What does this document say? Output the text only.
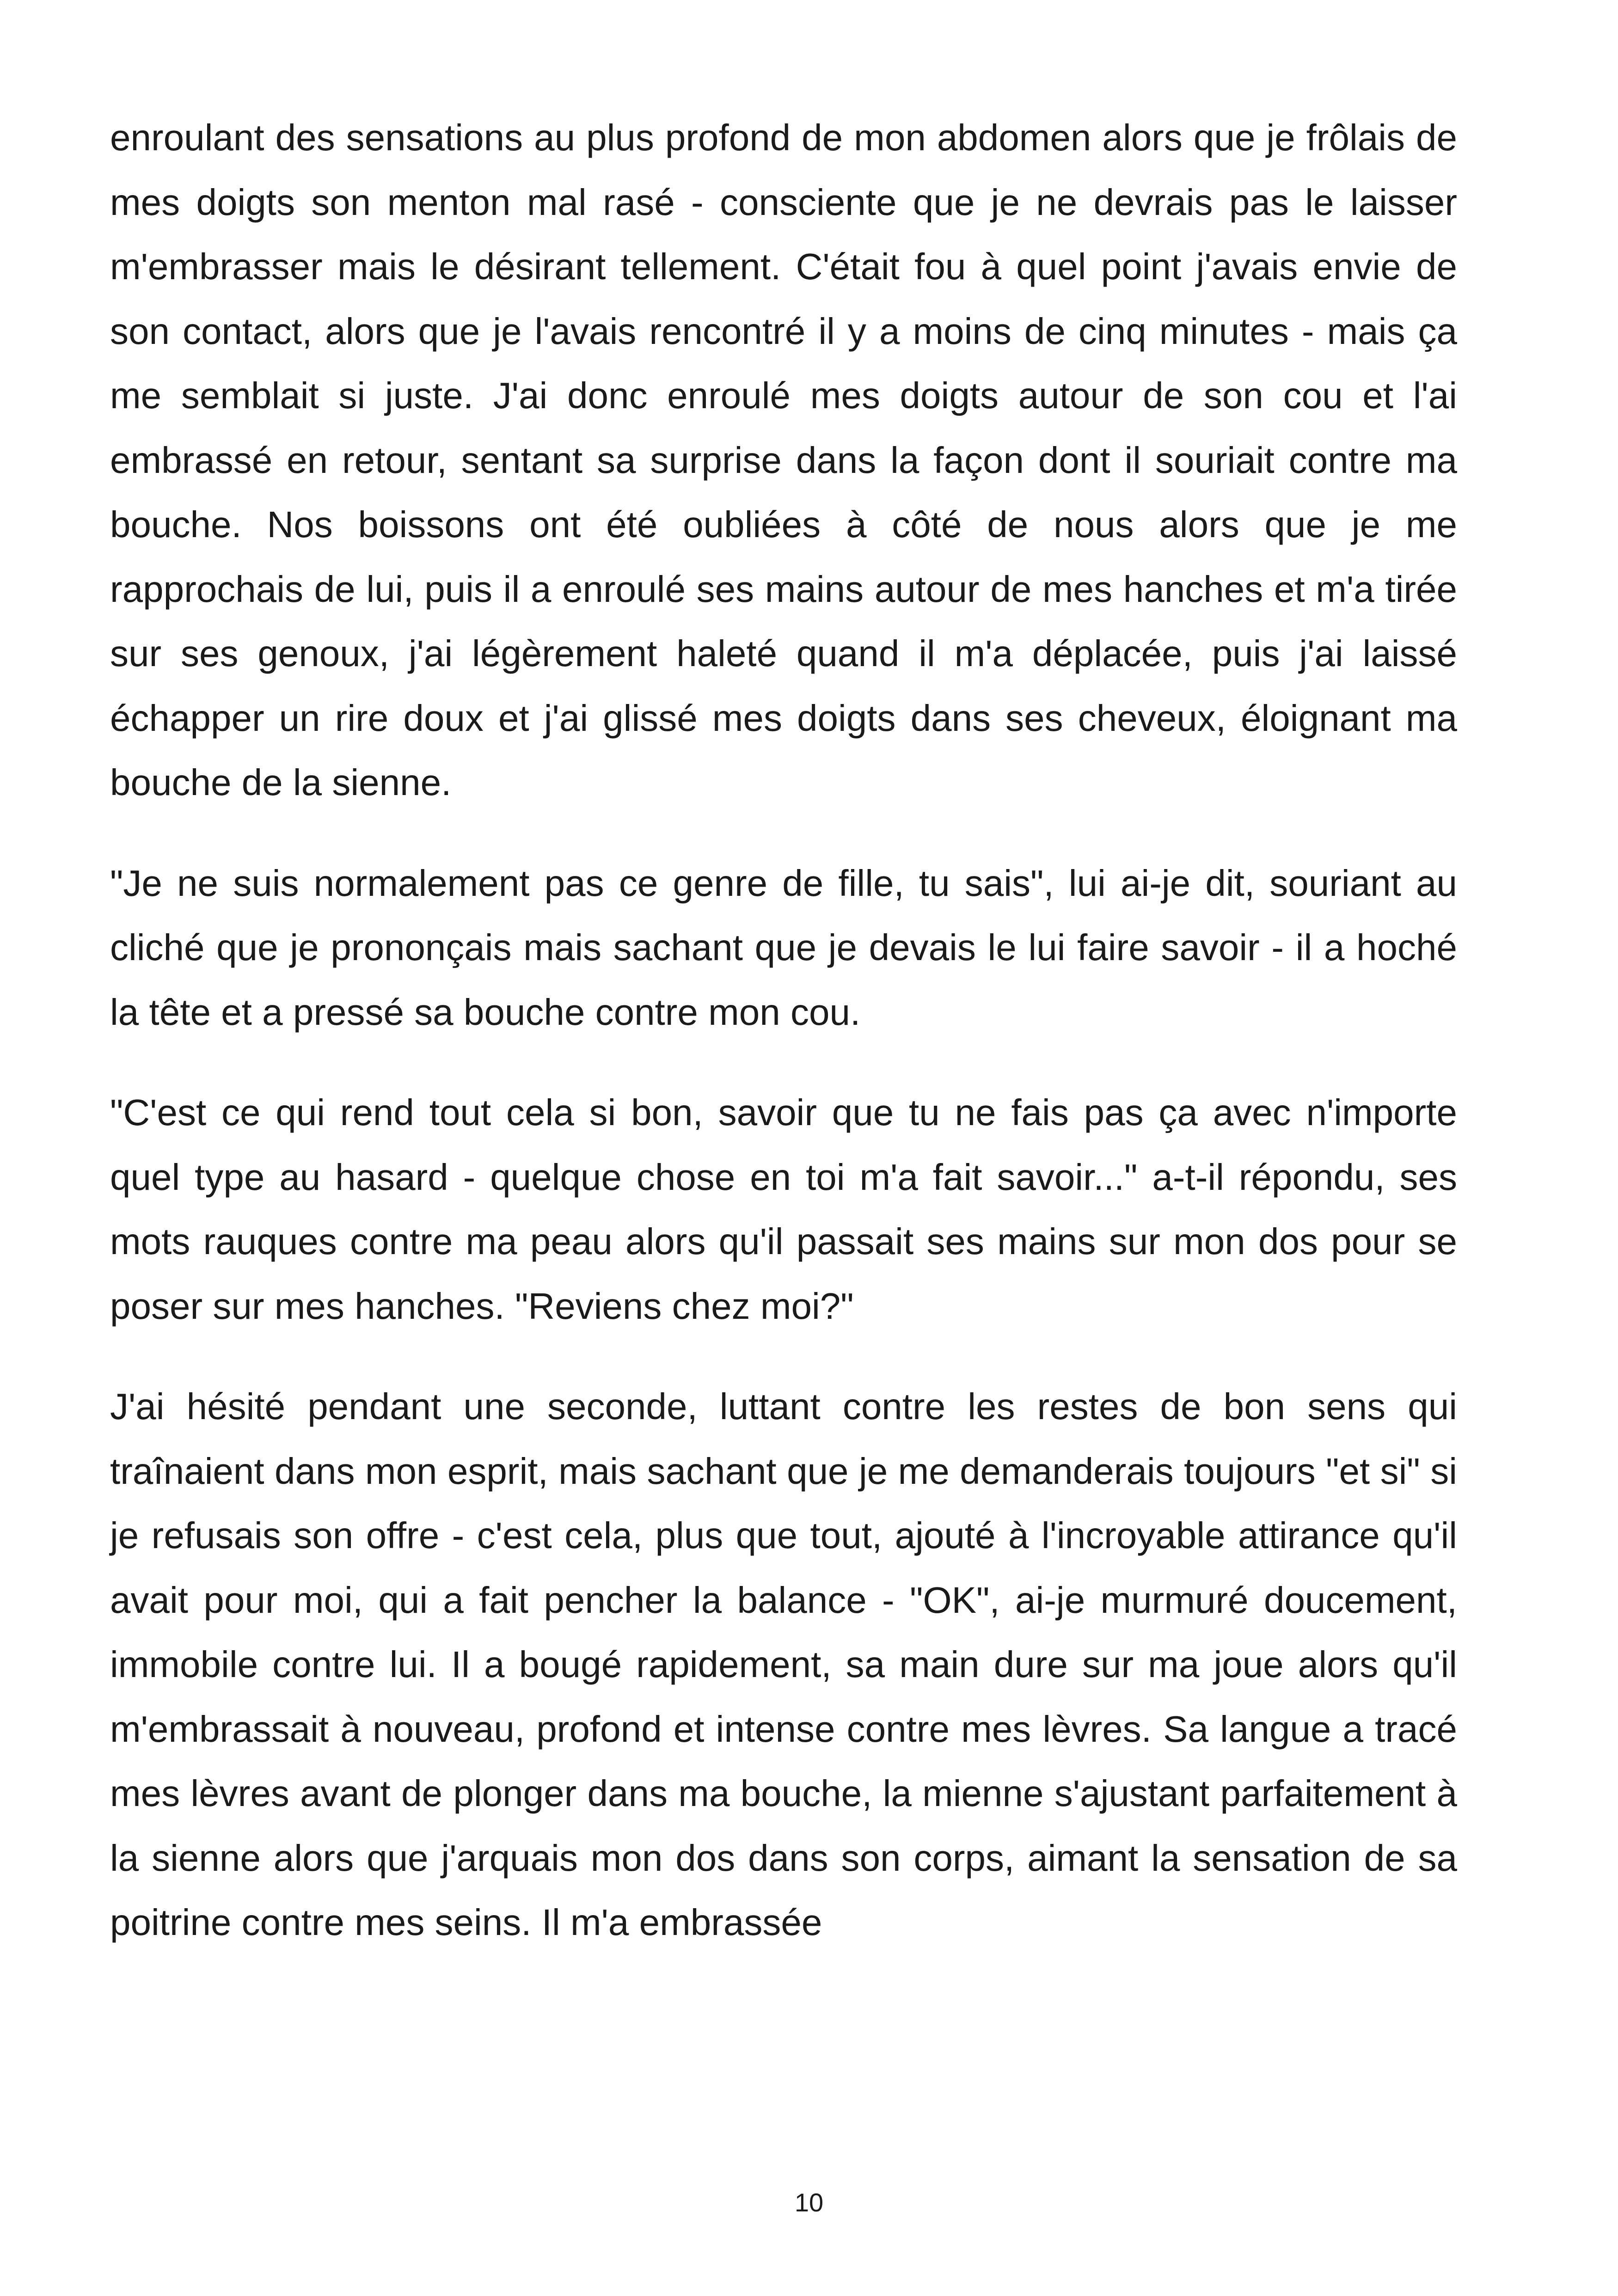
enroulant des sensations au plus profond de mon abdomen alors que je frôlais de mes doigts son menton mal rasé - consciente que je ne devrais pas le laisser m'embrasser mais le désirant tellement. C'était fou à quel point j'avais envie de son contact, alors que je l'avais rencontré il y a moins de cinq minutes - mais ça me semblait si juste. J'ai donc enroulé mes doigts autour de son cou et l'ai embrassé en retour, sentant sa surprise dans la façon dont il souriait contre ma bouche. Nos boissons ont été oubliées à côté de nous alors que je me rapprochais de lui, puis il a enroulé ses mains autour de mes hanches et m'a tirée sur ses genoux, j'ai légèrement haleté quand il m'a déplacée, puis j'ai laissé échapper un rire doux et j'ai glissé mes doigts dans ses cheveux, éloignant ma bouche de la sienne.

"Je ne suis normalement pas ce genre de fille, tu sais", lui ai-je dit, souriant au cliché que je prononçais mais sachant que je devais le lui faire savoir - il a hoché la tête et a pressé sa bouche contre mon cou.

"C'est ce qui rend tout cela si bon, savoir que tu ne fais pas ça avec n'importe quel type au hasard - quelque chose en toi m'a fait savoir..." a-t-il répondu, ses mots rauques contre ma peau alors qu'il passait ses mains sur mon dos pour se poser sur mes hanches. "Reviens chez moi?"

J'ai hésité pendant une seconde, luttant contre les restes de bon sens qui traînaient dans mon esprit, mais sachant que je me demanderais toujours "et si" si je refusais son offre - c'est cela, plus que tout, ajouté à l'incroyable attirance qu'il avait pour moi, qui a fait pencher la balance - "OK", ai-je murmuré doucement, immobile contre lui. Il a bougé rapidement, sa main dure sur ma joue alors qu'il m'embrassait à nouveau, profond et intense contre mes lèvres. Sa langue a tracé mes lèvres avant de plonger dans ma bouche, la mienne s'ajustant parfaitement à la sienne alors que j'arquais mon dos dans son corps, aimant la sensation de sa poitrine contre mes seins. Il m'a embrassée

10
